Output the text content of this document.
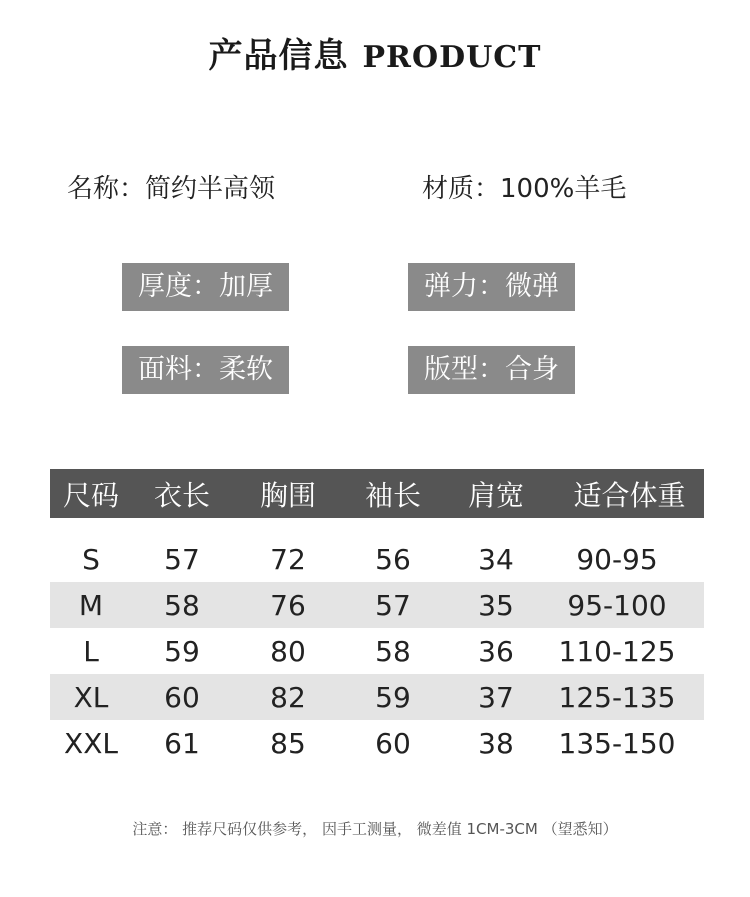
产品信息 PRODUCT
名称：简约半高领	材质：100%羊毛
厚度：加厚	弹力：微弹
面料：柔软	版型：合身
尺码	衣长	胸围	袖长	肩宽	适合体重
S	57	72	56	34	90-95
M	58	76	57	35	95-100
L	59	80	58	36	110-125
XL	60	82	59	37	125-135
XXL	61	85	60	38	135-150
注意： 推荐尺码仅供参考， 因手工测量， 微差值 1CM-3CM （望悉知）
